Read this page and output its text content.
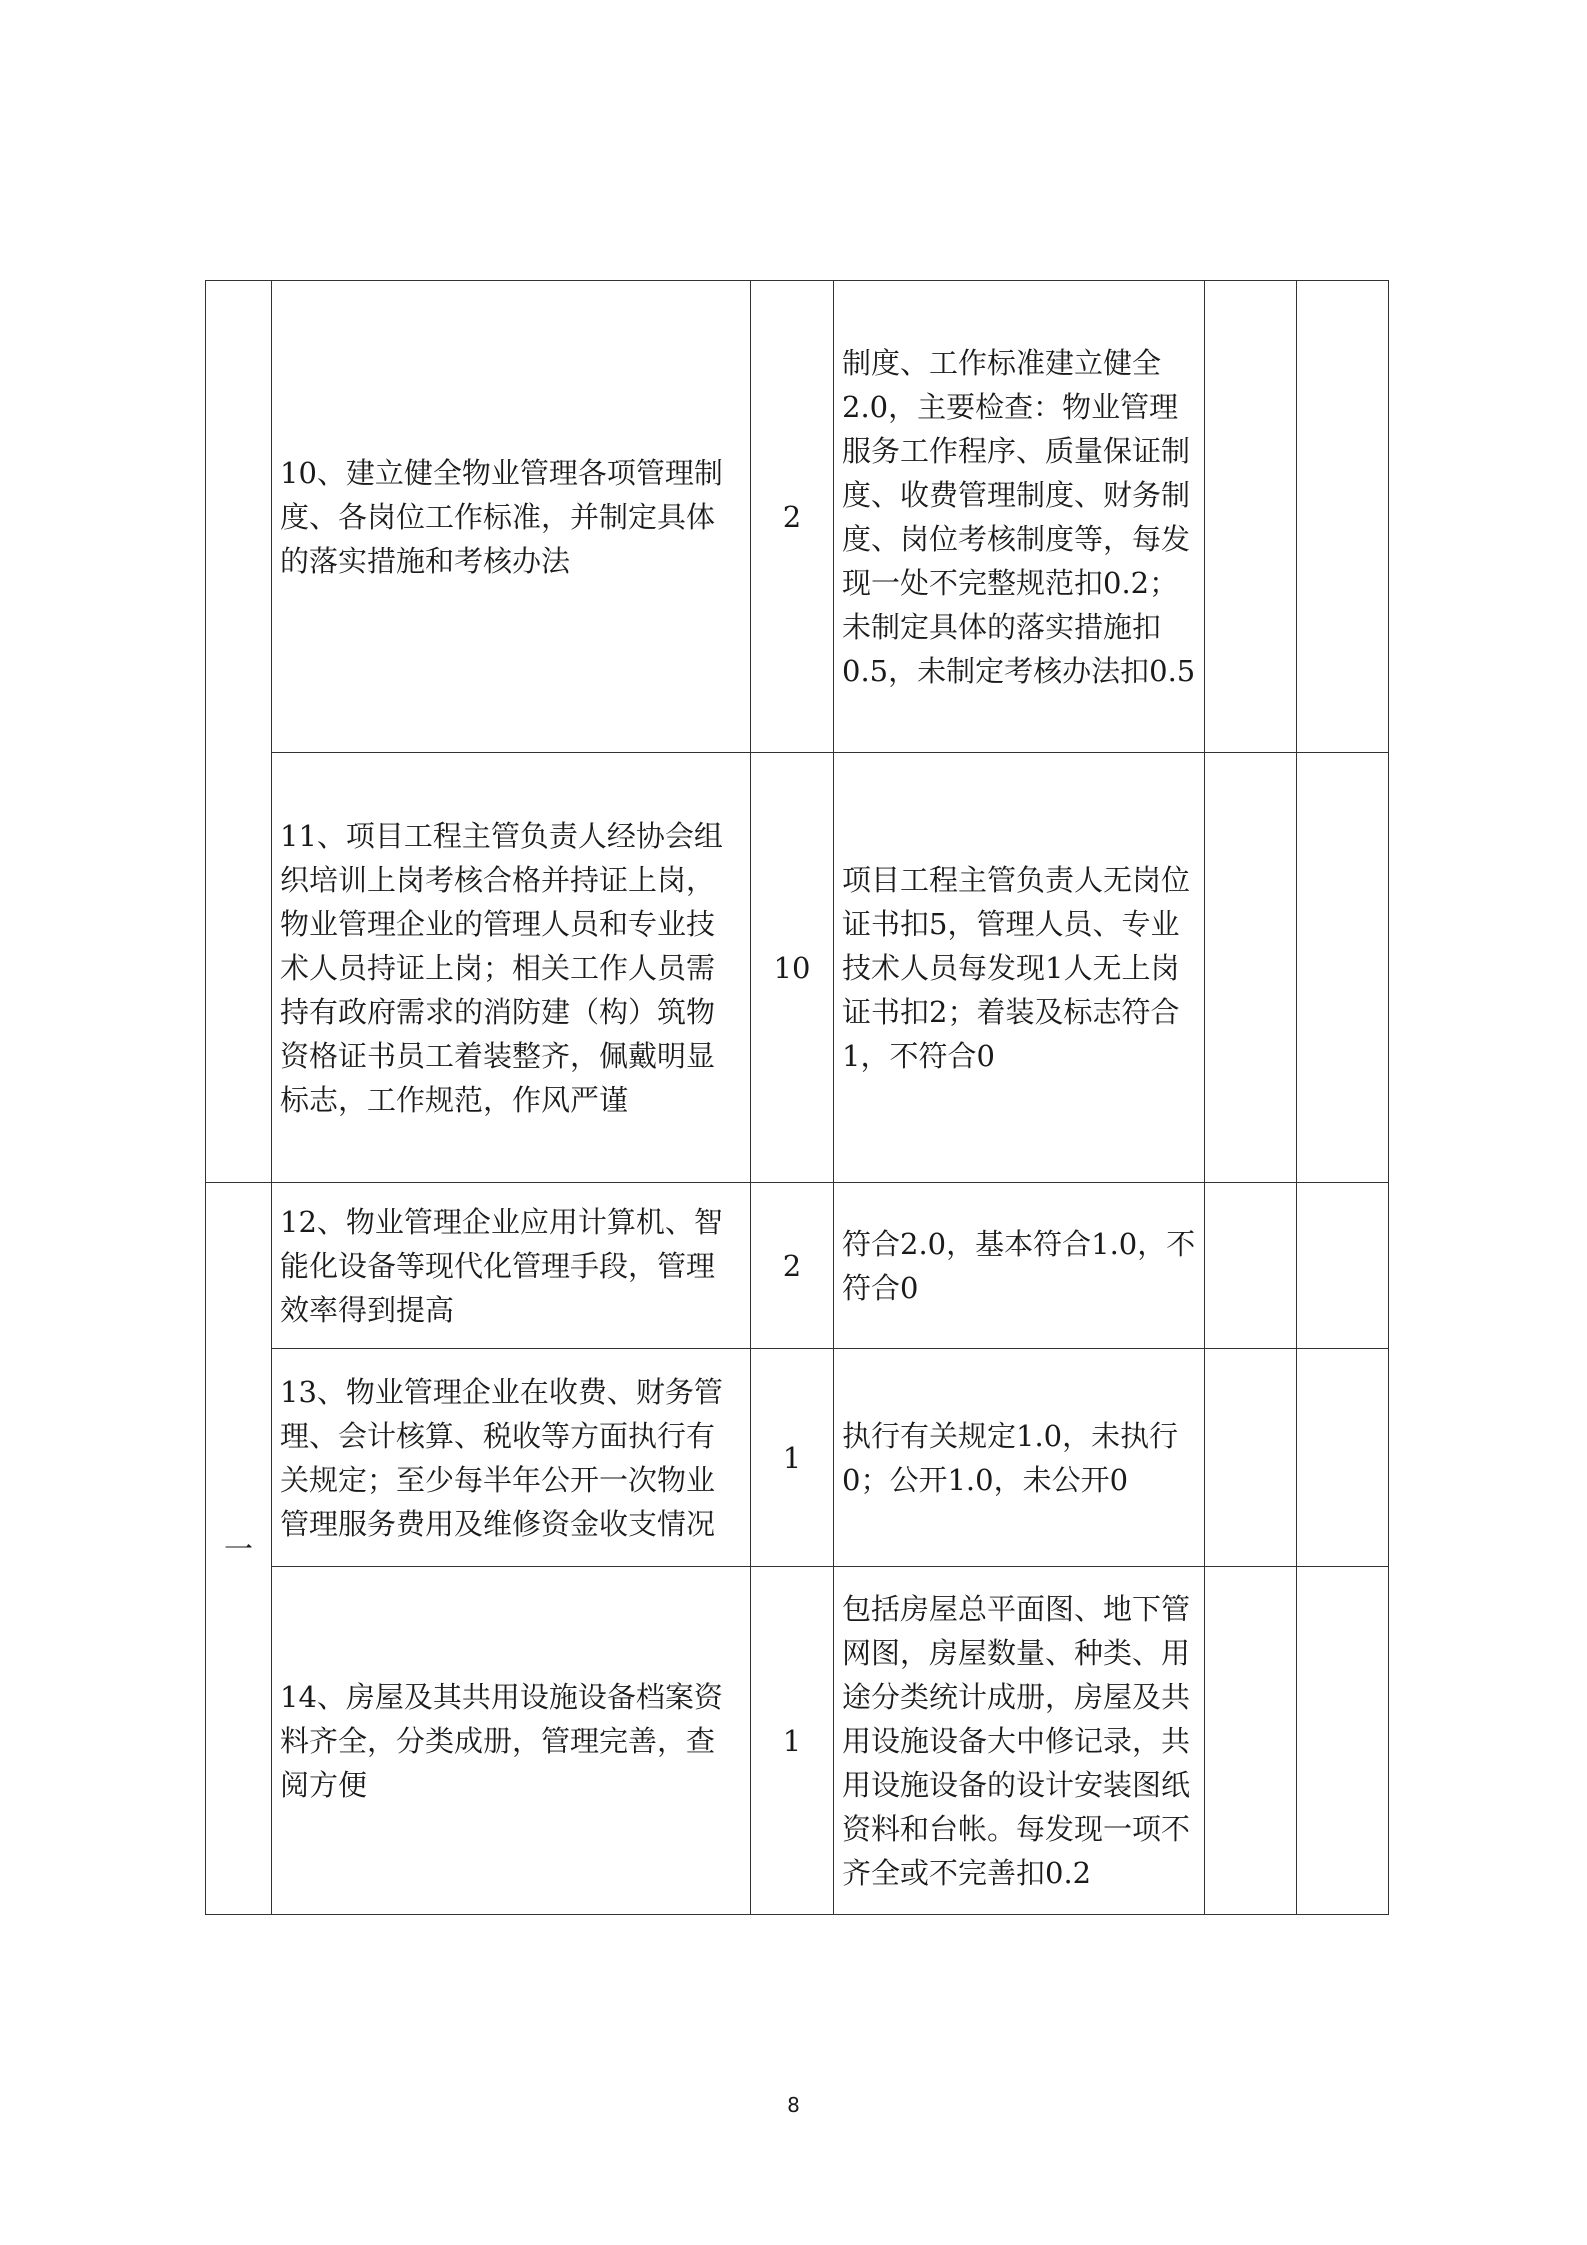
	10、建立健全物业管理各项管理制度、各岗位工作标准，并制定具体的落实措施和考核办法	2	制度、工作标准建立健全2.0，主要检查：物业管理服务工作程序、质量保证制度、收费管理制度、财务制度、岗位考核制度等，每发现一处不完整规范扣0.2；未制定具体的落实措施扣0.5，未制定考核办法扣0.5		
	11、项目工程主管负责人经协会组织培训上岗考核合格并持证上岗，物业管理企业的管理人员和专业技术人员持证上岗；相关工作人员需持有政府需求的消防建（构）筑物资格证书员工着装整齐，佩戴明显标志，工作规范，作风严谨	10	项目工程主管负责人无岗位证书扣5，管理人员、专业技术人员每发现1人无上岗证书扣2；着装及标志符合1，不符合0		
一	12、物业管理企业应用计算机、智能化设备等现代化管理手段，管理效率得到提高	2	符合2.0，基本符合1.0，不符合0		
	13、物业管理企业在收费、财务管理、会计核算、税收等方面执行有关规定；至少每半年公开一次物业管理服务费用及维修资金收支情况	1	执行有关规定1.0，未执行0；公开1.0，未公开0		
	14、房屋及其共用设施设备档案资料齐全，分类成册，管理完善，查阅方便	1	包括房屋总平面图、地下管网图，房屋数量、种类、用途分类统计成册，房屋及共用设施设备大中修记录，共用设施设备的设计安装图纸资料和台帐。每发现一项不齐全或不完善扣0.2		
8
